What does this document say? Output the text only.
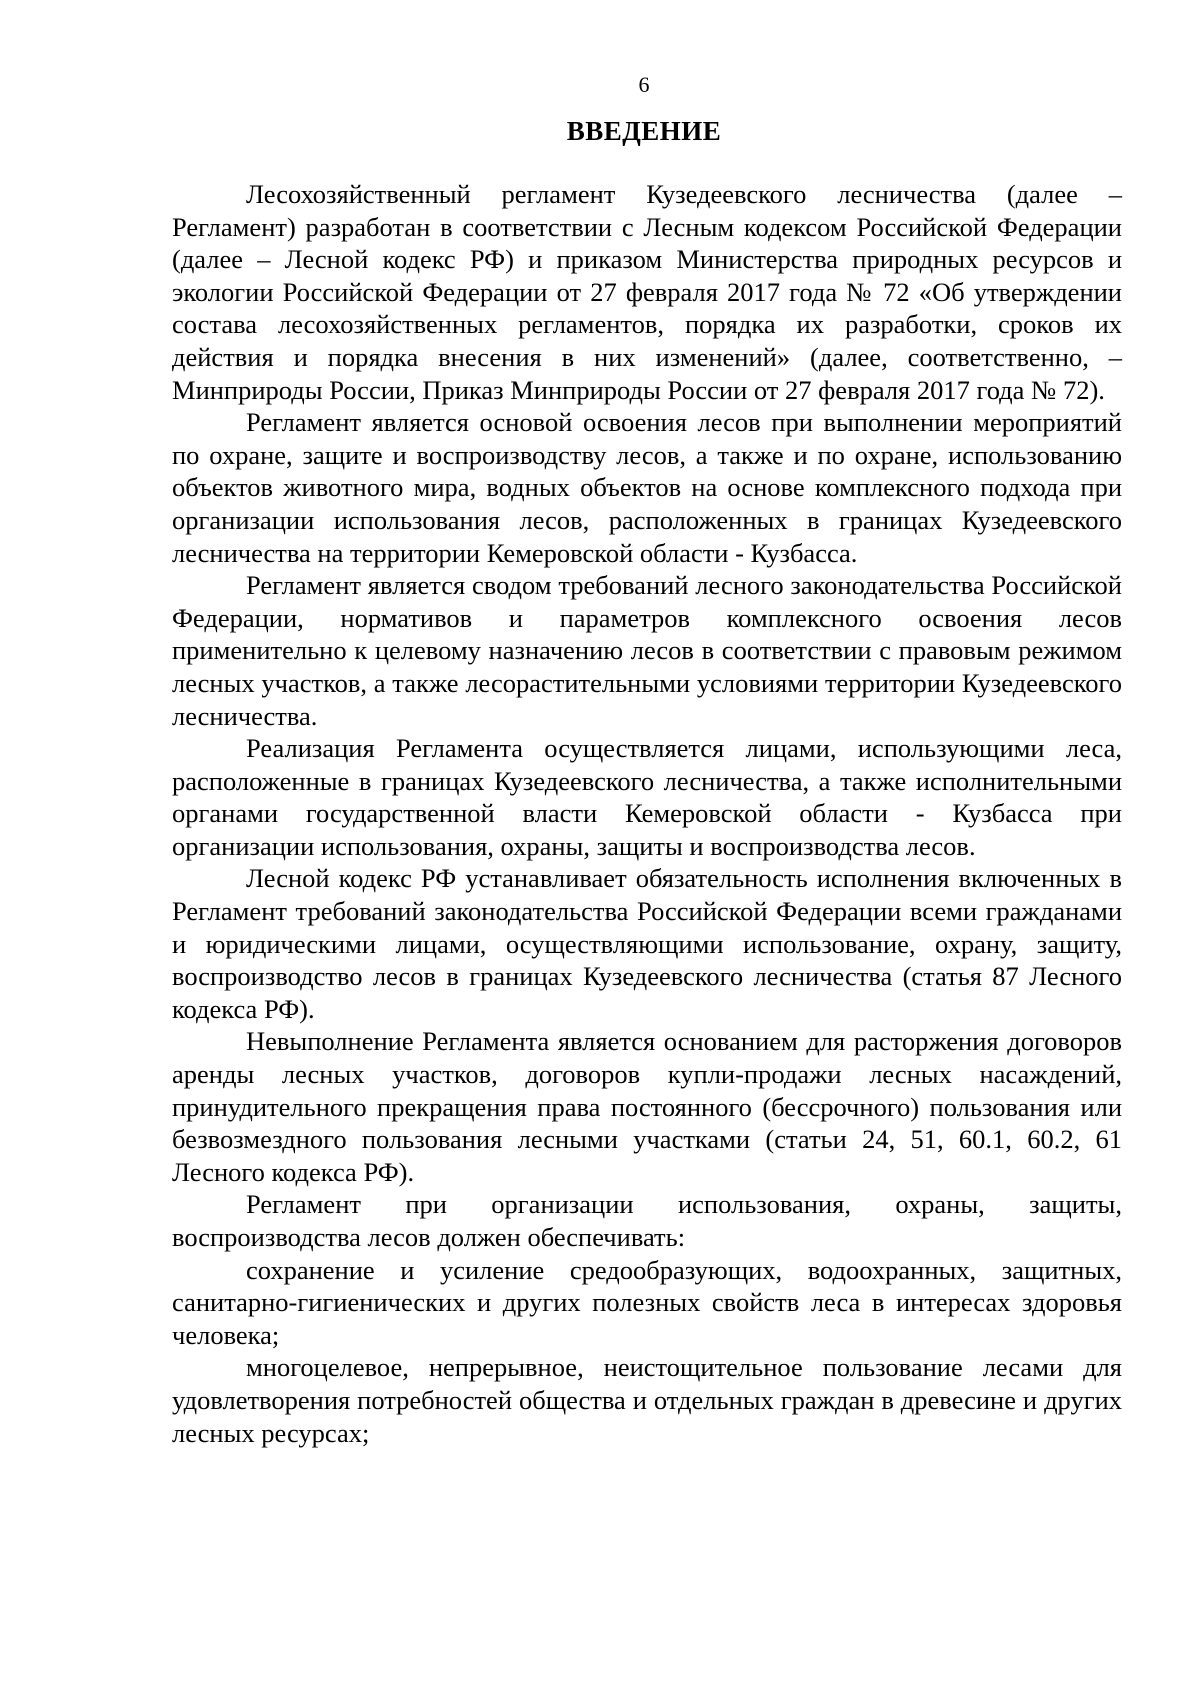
6
ВВЕДЕНИЕ

Лесохозяйственный регламент Кузедеевского лесничества (далее – Регламент) разработан в соответствии с Лесным кодексом Российской Федерации (далее – Лесной кодекс РФ) и приказом Министерства природных ресурсов и экологии Российской Федерации от 27 февраля 2017 года № 72 «Об утверждении состава лесохозяйственных регламентов, порядка их разработки, сроков их действия и порядка внесения в них изменений» (далее, соответственно, – Минприроды России, Приказ Минприроды России от 27 февраля 2017 года № 72).

Регламент является основой освоения лесов при выполнении мероприятий по охране, защите и воспроизводству лесов, а также и по охране, использованию объектов животного мира, водных объектов на основе комплексного подхода при организации использования лесов, расположенных в границах Кузедеевского лесничества на территории Кемеровской области - Кузбасса.

Регламент является сводом требований лесного законодательства Российской Федерации, нормативов и параметров комплексного освоения лесов применительно к целевому назначению лесов в соответствии с правовым режимом лесных участков, а также лесорастительными условиями территории Кузедеевского лесничества.

Реализация Регламента осуществляется лицами, использующими леса, расположенные в границах Кузедеевского лесничества, а также исполнительными органами государственной власти Кемеровской области - Кузбасса при организации использования, охраны, защиты и воспроизводства лесов.

Лесной кодекс РФ устанавливает обязательность исполнения включенных в Регламент требований законодательства Российской Федерации всеми гражданами и юридическими лицами, осуществляющими использование, охрану, защиту, воспроизводство лесов в границах Кузедеевского лесничества (статья 87 Лесного кодекса РФ).

Невыполнение Регламента является основанием для расторжения договоров аренды лесных участков, договоров купли-продажи лесных насаждений, принудительного прекращения права постоянного (бессрочного) пользования или безвозмездного пользования лесными участками (статьи 24, 51, 60.1, 60.2, 61 Лесного кодекса РФ).

Регламент при организации использования, охраны, защиты, воспроизводства лесов должен обеспечивать:

сохранение и усиление средообразующих, водоохранных, защитных, санитарно-гигиенических и других полезных свойств леса в интересах здоровья человека;

многоцелевое, непрерывное, неистощительное пользование лесами для удовлетворения потребностей общества и отдельных граждан в древесине и других лесных ресурсах;
